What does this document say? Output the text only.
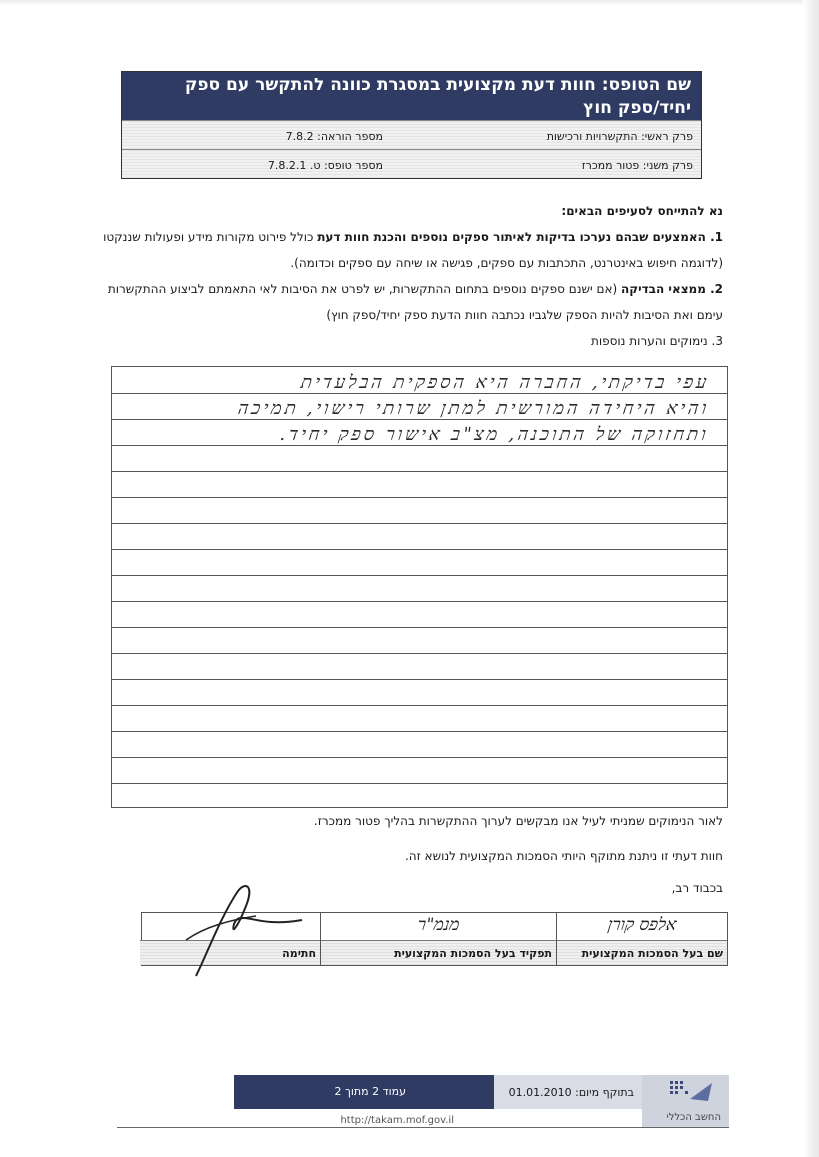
שם הטופס: חוות דעת מקצועית במסגרת כוונה להתקשר עם ספק יחיד/ספק חוץ
פרק ראשי: התקשרויות ורכישות
מספר הוראה: 7.8.2
פרק משני: פטור ממכרז
מספר טופס: ט. 7.8.2.1
נא להתייחס לסעיפים הבאים:
1. האמצעים שבהם נערכו בדיקות לאיתור ספקים נוספים והכנת חוות דעת כולל פירוט מקורות מידע ופעולות שננקטו (לדוגמה חיפוש באינטרנט, התכתבות עם ספקים, פגישה או שיחה עם ספקים וכדומה).
2. ממצאי הבדיקה (אם ישנם ספקים נוספים בתחום ההתקשרות, יש לפרט את הסיבות לאי התאמתם לביצוע ההתקשרות עימם ואת הסיבות להיות הספק שלגביו נכתבה חוות הדעת ספק יחיד/ספק חוץ)
3. נימוקים והערות נוספות
עפי בדיקתי, החברה היא הספקית הבלעדית
והיא היחידה המורשית למתן שרותי רישוי, תמיכה
ותחזוקה של התוכנה, מצ"ב אישור ספק יחיד.
לאור הנימוקים שמניתי לעיל אנו מבקשים לערוך ההתקשרות בהליך פטור ממכרז.
חוות דעתי זו ניתנת מתוקף היותי הסמכות המקצועית לנושא זה.
בכבוד רב,
אלפס קורן
שם בעל הסמכות המקצועית
מנמ"ר
תפקיד בעל הסמכות המקצועית
חתימה
עמוד 2 מתוך 2	בתוקף מיום: 01.01.2010
החשב הכללי
http://takam.mof.gov.il
